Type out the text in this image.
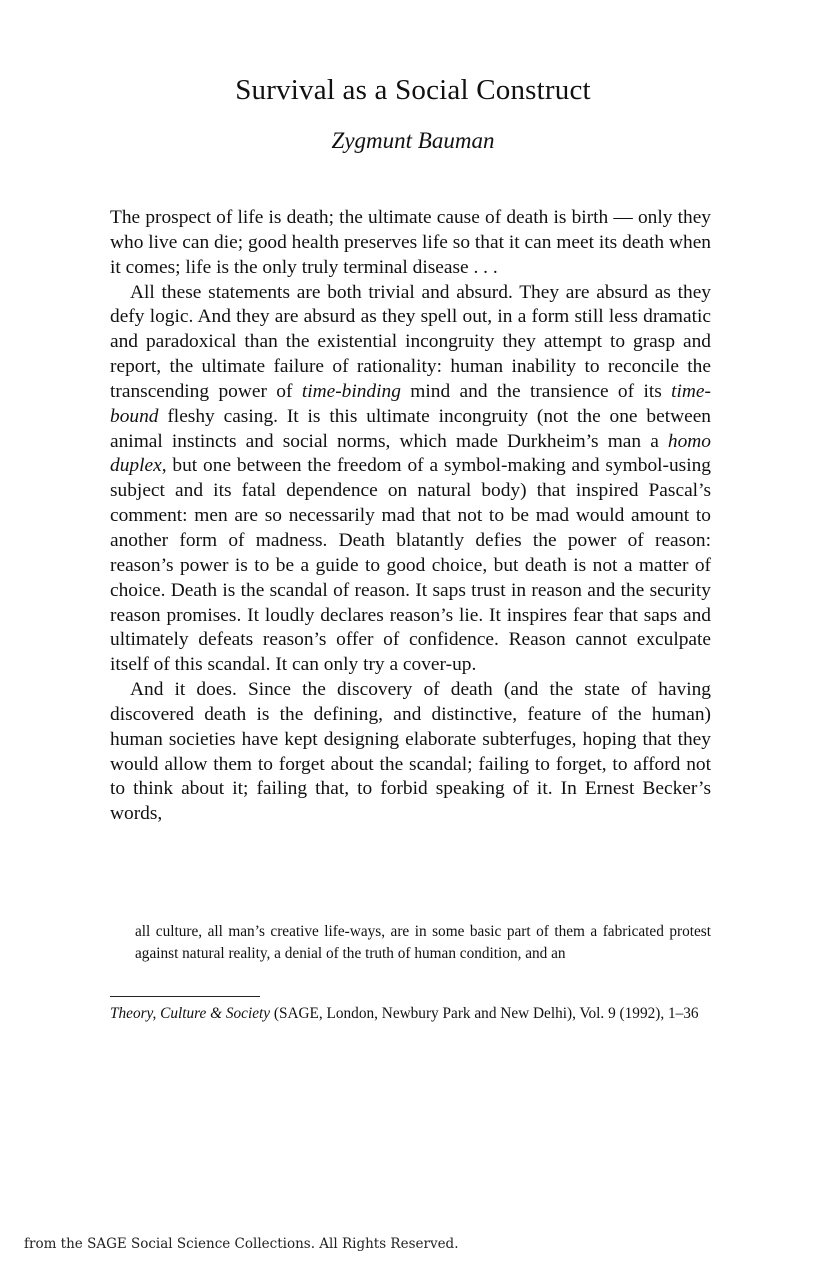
Survival as a Social Construct
Zygmunt Bauman

The prospect of life is death; the ultimate cause of death is birth — only they who live can die; good health preserves life so that it can meet its death when it comes; life is the only truly terminal disease . . .

All these statements are both trivial and absurd. They are absurd as they defy logic. And they are absurd as they spell out, in a form still less dramatic and paradoxical than the existential incongruity they attempt to grasp and report, the ultimate failure of rationality: human inability to reconcile the transcending power of time-binding mind and the transience of its time-bound fleshy casing. It is this ultimate incongruity (not the one between animal instincts and social norms, which made Durkheim’s man a homo duplex, but one between the freedom of a symbol-making and symbol-using subject and its fatal dependence on natural body) that inspired Pascal’s comment: men are so necessarily mad that not to be mad would amount to another form of madness. Death blatantly defies the power of reason: reason’s power is to be a guide to good choice, but death is not a matter of choice. Death is the scandal of reason. It saps trust in reason and the security reason promises. It loudly declares reason’s lie. It inspires fear that saps and ultimately defeats reason’s offer of confidence. Reason cannot exculpate itself of this scandal. It can only try a cover-up.

And it does. Since the discovery of death (and the state of having discovered death is the defining, and distinctive, feature of the human) human societies have kept designing elaborate subterfuges, hoping that they would allow them to forget about the scandal; failing to forget, to afford not to think about it; failing that, to forbid speaking of it. In Ernest Becker’s words,

all culture, all man’s creative life-ways, are in some basic part of them a fabricated protest against natural reality, a denial of the truth of human condition, and an
Theory, Culture & Society (SAGE, London, Newbury Park and New Delhi), Vol. 9 (1992), 1–36
from the SAGE Social Science Collections. All Rights Reserved.
